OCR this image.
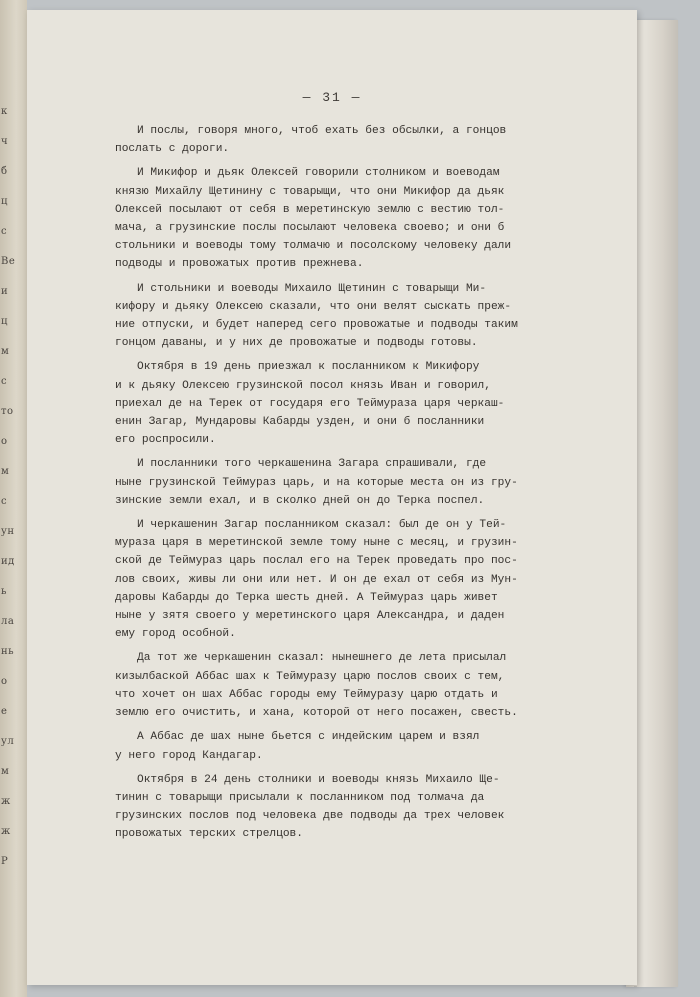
к
ч
б
ц
с
Ве
и
ц
м
с
то
о
м
с
ун
ид
ь
ла
нь
о
е
ул
м
ж
ж
Р
— 31 —

И послы, говоря много, чтоб ехать без обсылки, а гонцов
послать с дороги.

И Микифор и дьяк Олексей говорили столником и воеводам
князю Михайлу Щетинину с товарыщи, что они Микифор да дьяк
Олексей посылают от себя в меретинскую землю с вестию тол-
мача, а грузинские послы посылают человека своево; и они б
стольники и воеводы тому толмачю и посолскому человеку дали
подводы и провожатых против прежнева.

И стольники и воеводы Михаило Щетинин с товарыщи Ми-
кифору и дьяку Олексею сказали, что они велят сыскать преж-
ние отпуски, и будет наперед сего провожатые и подводы таким
гонцом даваны, и у них де провожатые и подводы готовы.

Октября в 19 день приезжал к посланником к Микифору
и к дьяку Олексею грузинской посол князь Иван и говорил,
приехал де на Терек от государя его Теймураза царя черкаш-
енин Загар, Мундаровы Кабарды узден, и они б посланники
его роспросили.

И посланники того черкашенина Загара спрашивали, где
ныне грузинской Теймураз царь, и на которые места он из гру-
зинские земли ехал, и в сколко дней он до Терка поспел.

И черкашенин Загар посланником сказал: был де он у Тей-
мураза царя в меретинской земле тому ныне с месяц, и грузин-
ской де Теймураз царь послал его на Терек проведать про пос-
лов своих, живы ли они или нет. И он де ехал от себя из Мун-
даровы Кабарды до Терка шесть дней. А Теймураз царь живет
ныне у зятя своего у меретинского царя Александра, и даден
ему город особной.

Да тот же черкашенин сказал: нынешнего де лета присылал
кизылбаской Аббас шах к Теймуразу царю послов своих с тем,
что хочет он шах Аббас городы ему Теймуразу царю отдать и
землю его очистить, и хана, которой от него посажен, свесть.

А Аббас де шах ныне бьется с индейским царем и взял
у него город Кандагар.

Октября в 24 день столники и воеводы князь Михаило Ще-
тинин с товарыщи присылали к посланником под толмача да
грузинских послов под человека две подводы да трех человек
провожатых терских стрелцов.
